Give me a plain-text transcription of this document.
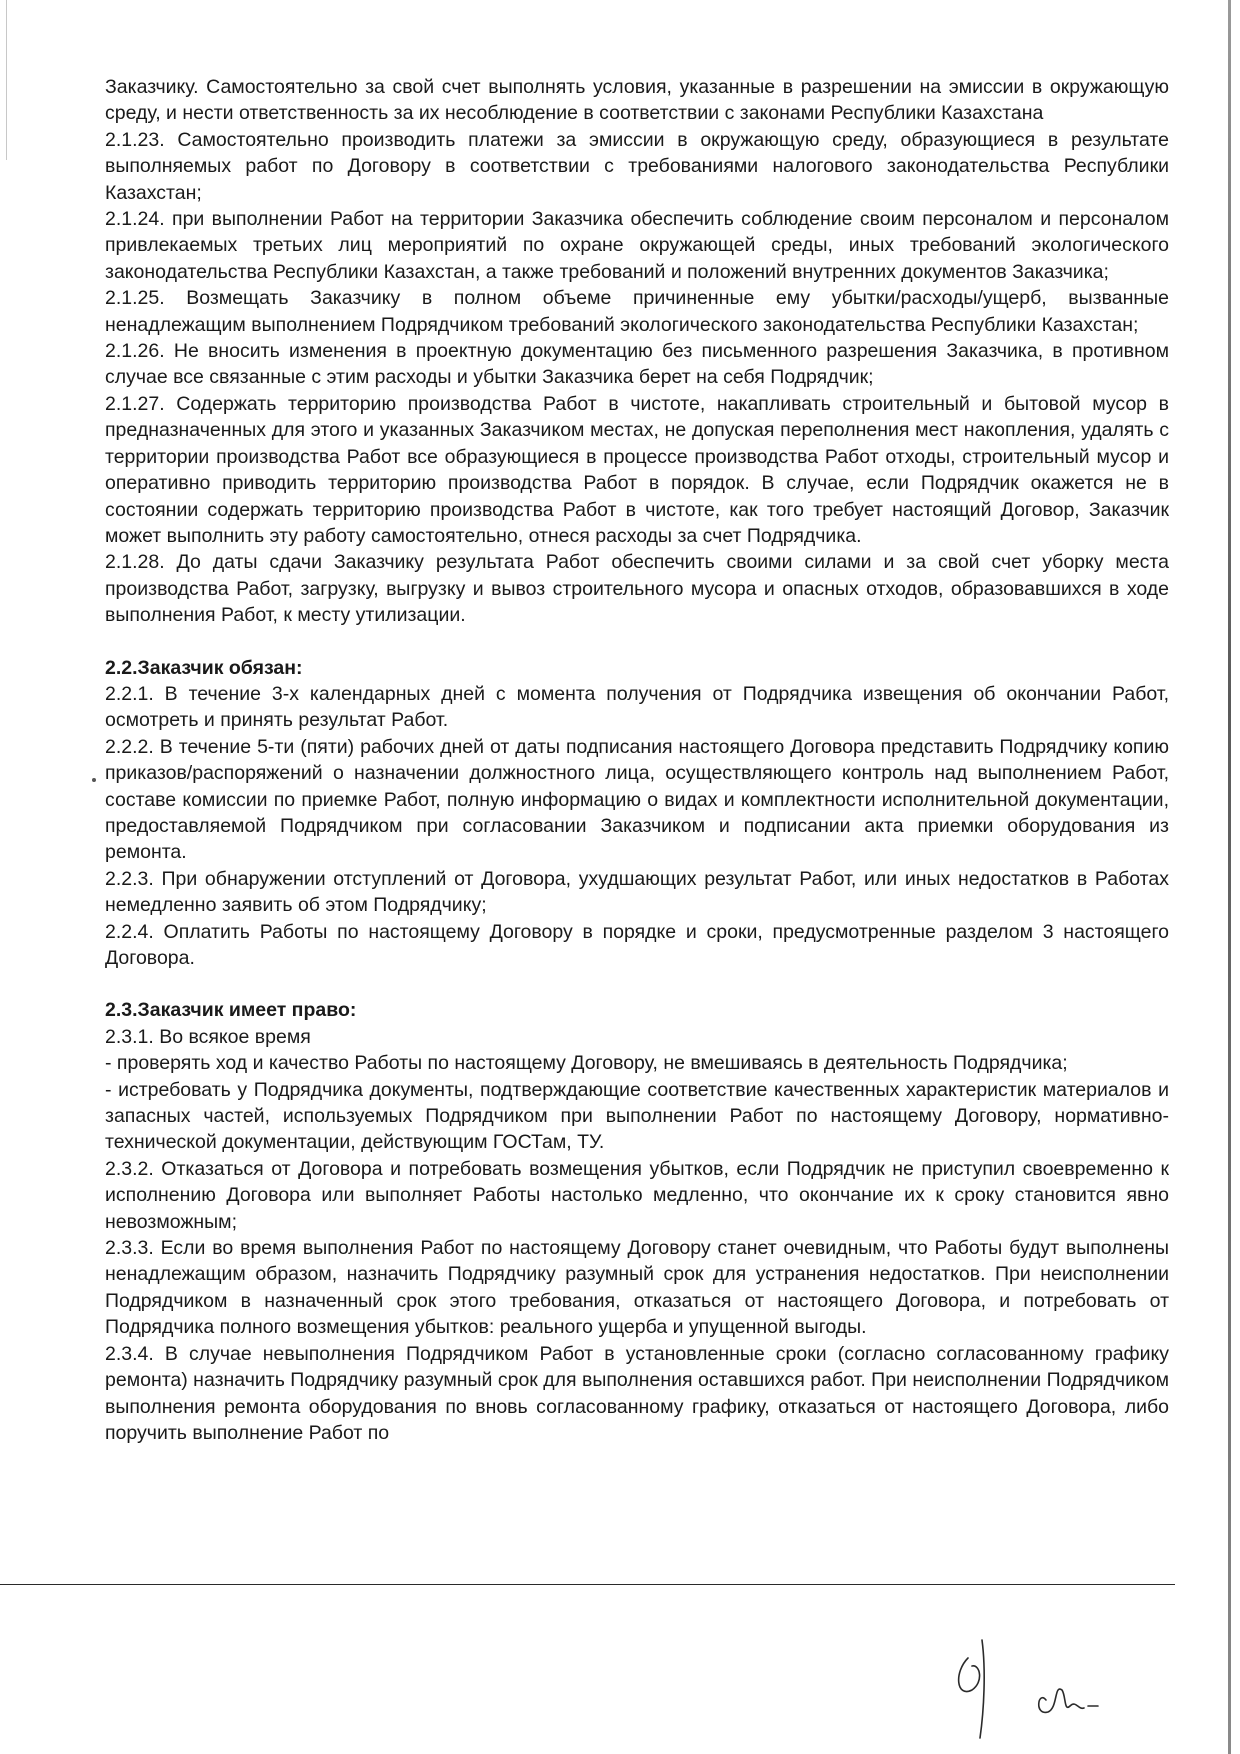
Заказчику. Самостоятельно за свой счет выполнять условия, указанные в разрешении на эмиссии в окружающую среду, и нести ответственность за их несоблюдение в соответствии с законами Республики Казахстана

2.1.23. Самостоятельно производить платежи за эмиссии в окружающую среду, образующиеся в результате выполняемых работ по Договору в соответствии с требованиями налогового законодательства Республики Казахстан;

2.1.24. при выполнении Работ на территории Заказчика обеспечить соблюдение своим персоналом и персоналом привлекаемых третьих лиц мероприятий по охране окружающей среды, иных требований экологического законодательства Республики Казахстан, а также требований и положений внутренних документов Заказчика;

2.1.25. Возмещать Заказчику в полном объеме причиненные ему убытки/расходы/ущерб, вызванные ненадлежащим выполнением Подрядчиком требований экологического законодательства Республики Казахстан;

2.1.26. Не вносить изменения в проектную документацию без письменного разрешения Заказчика, в противном случае все связанные с этим расходы и убытки Заказчика берет на себя Подрядчик;

2.1.27. Содержать территорию производства Работ в чистоте, накапливать строительный и бытовой мусор в предназначенных для этого и указанных Заказчиком местах, не допуская переполнения мест накопления, удалять с территории производства Работ все образующиеся в процессе производства Работ отходы, строительный мусор и оперативно приводить территорию производства Работ в порядок. В случае, если Подрядчик окажется не в состоянии содержать территорию производства Работ в чистоте, как того требует настоящий Договор, Заказчик может выполнить эту работу самостоятельно, отнеся расходы за счет Подрядчика.

2.1.28. До даты сдачи Заказчику результата Работ обеспечить своими силами и за свой счет уборку места производства Работ, загрузку, выгрузку и вывоз строительного мусора и опасных отходов, образовавшихся в ходе выполнения Работ, к месту утилизации.

2.2.Заказчик обязан:

2.2.1. В течение 3-х календарных дней с момента получения от Подрядчика извещения об окончании Работ, осмотреть и принять результат Работ.

2.2.2. В течение 5-ти (пяти) рабочих дней от даты подписания настоящего Договора представить Подрядчику копию приказов/распоряжений о назначении должностного лица, осуществляющего контроль над выполнением Работ, составе комиссии по приемке Работ, полную информацию о видах и комплектности исполнительной документации, предоставляемой Подрядчиком при согласовании Заказчиком и подписании акта приемки оборудования из ремонта.

2.2.3. При обнаружении отступлений от Договора, ухудшающих результат Работ, или иных недостатков в Работах немедленно заявить об этом Подрядчику;

2.2.4. Оплатить Работы по настоящему Договору в порядке и сроки, предусмотренные разделом 3 настоящего Договора.

2.3.Заказчик имеет право:

2.3.1. Во всякое время

- проверять ход и качество Работы по настоящему Договору, не вмешиваясь в деятельность Подрядчика;

- истребовать у Подрядчика документы, подтверждающие соответствие качественных характеристик материалов и запасных частей, используемых Подрядчиком при выполнении Работ по настоящему Договору, нормативно-технической документации, действующим ГОСТам, ТУ.

2.3.2. Отказаться от Договора и потребовать возмещения убытков, если Подрядчик не приступил своевременно к исполнению Договора или выполняет Работы настолько медленно, что окончание их к сроку становится явно невозможным;

2.3.3. Если во время выполнения Работ по настоящему Договору станет очевидным, что Работы будут выполнены ненадлежащим образом, назначить Подрядчику разумный срок для устранения недостатков. При неисполнении Подрядчиком в назначенный срок этого требования, отказаться от настоящего Договора, и потребовать от Подрядчика полного возмещения убытков: реального ущерба и упущенной выгоды.

2.3.4. В случае невыполнения Подрядчиком Работ в установленные сроки (согласно согласованному графику ремонта) назначить Подрядчику разумный срок для выполнения оставшихся работ. При неисполнении Подрядчиком выполнения ремонта оборудования по вновь согласованному графику, отказаться от настоящего Договора, либо поручить выполнение Работ по
